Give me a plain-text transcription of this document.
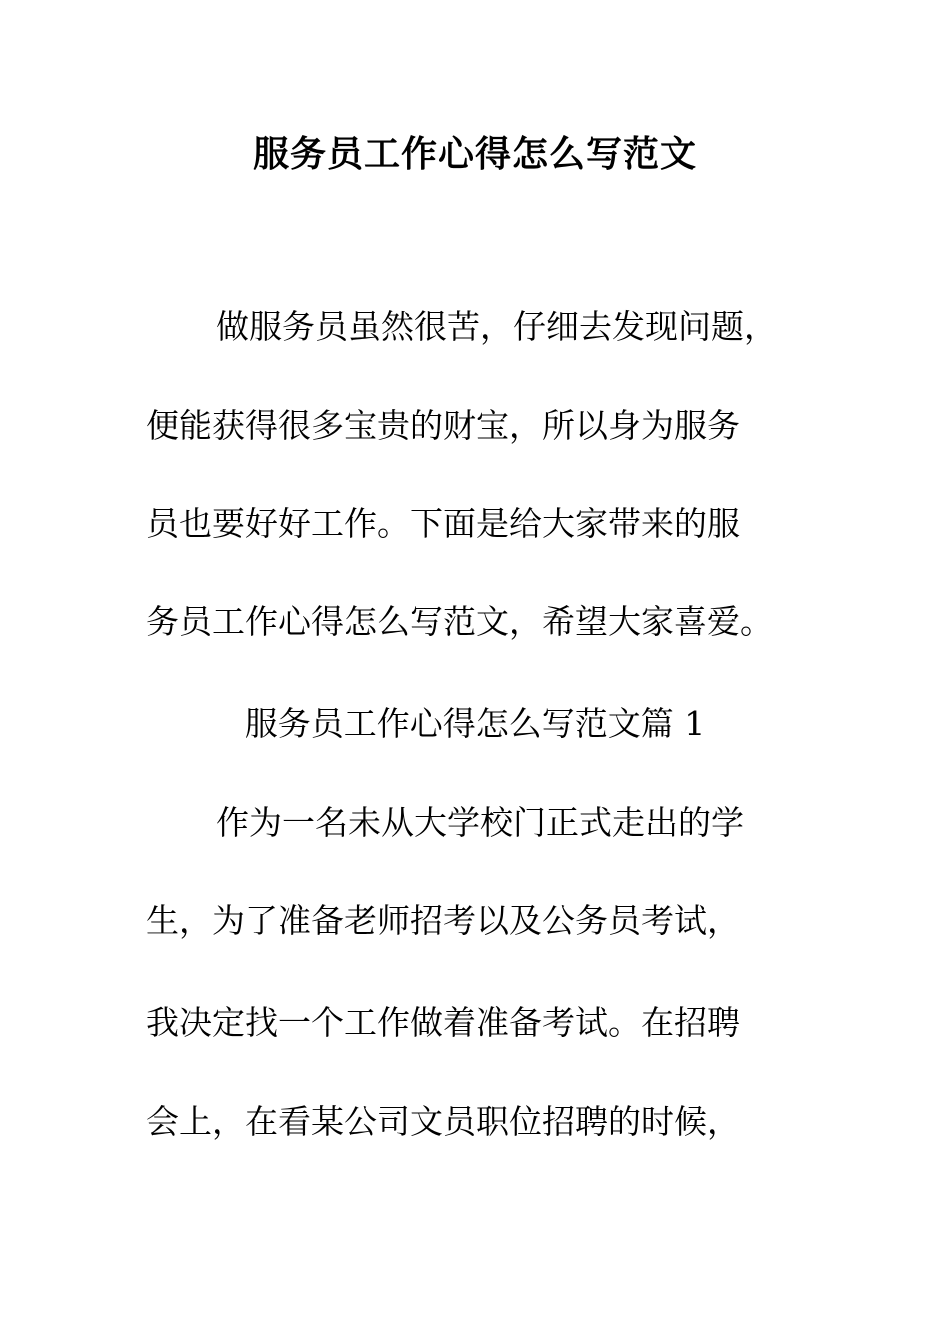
服务员工作心得怎么写范文
做服务员虽然很苦，仔细去发现问题，
便能获得很多宝贵的财宝，所以身为服务
员也要好好工作。下面是给大家带来的服
务员工作心得怎么写范文，希望大家喜爱。
服务员工作心得怎么写范文篇 1
作为一名未从大学校门正式走出的学
生，为了准备老师招考以及公务员考试，
我决定找一个工作做着准备考试。在招聘
会上，在看某公司文员职位招聘的时候，
